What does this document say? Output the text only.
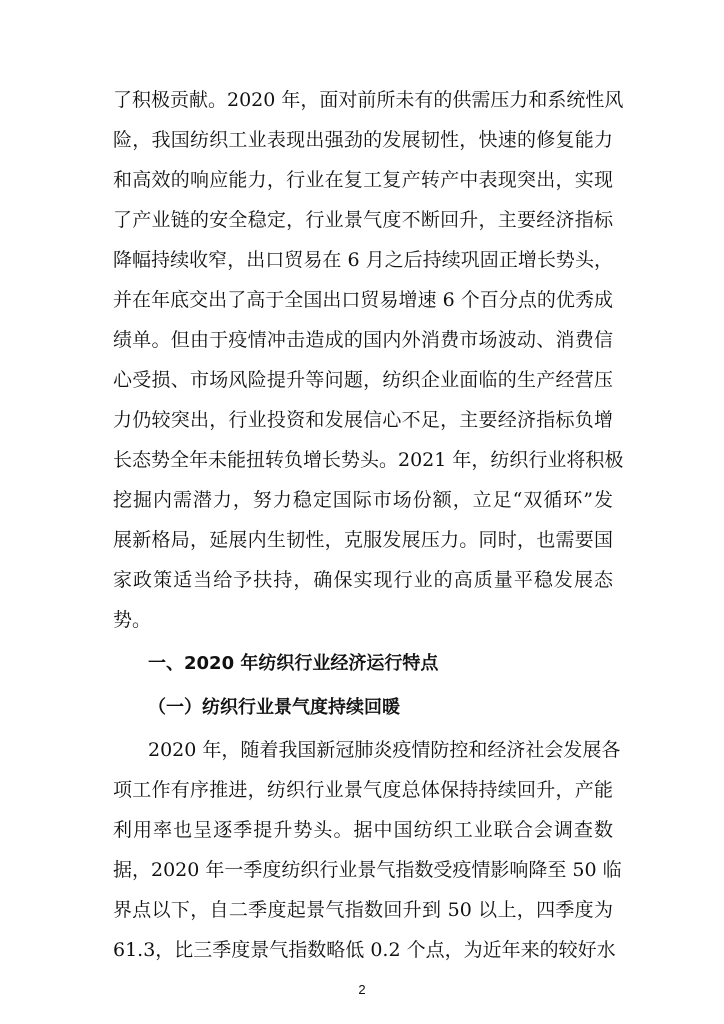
了积极贡献。2020 年，面对前所未有的供需压力和系统性风
险，我国纺织工业表现出强劲的发展韧性，快速的修复能力
和高效的响应能力，行业在复工复产转产中表现突出，实现
了产业链的安全稳定，行业景气度不断回升，主要经济指标
降幅持续收窄，出口贸易在 6 月之后持续巩固正增长势头，
并在年底交出了高于全国出口贸易增速 6 个百分点的优秀成
绩单。但由于疫情冲击造成的国内外消费市场波动、消费信
心受损、市场风险提升等问题，纺织企业面临的生产经营压
力仍较突出，行业投资和发展信心不足，主要经济指标负增
长态势全年未能扭转负增长势头。2021 年，纺织行业将积极
挖掘内需潜力，努力稳定国际市场份额，立足“双循环”发
展新格局，延展内生韧性，克服发展压力。同时，也需要国
家政策适当给予扶持，确保实现行业的高质量平稳发展态
势。
一、2020 年纺织行业经济运行特点
（一）纺织行业景气度持续回暖
2020 年，随着我国新冠肺炎疫情防控和经济社会发展各
项工作有序推进，纺织行业景气度总体保持持续回升，产能
利用率也呈逐季提升势头。据中国纺织工业联合会调查数
据，2020 年一季度纺织行业景气指数受疫情影响降至 50 临
界点以下，自二季度起景气指数回升到 50 以上，四季度为
61.3，比三季度景气指数略低 0.2 个点，为近年来的较好水
2
